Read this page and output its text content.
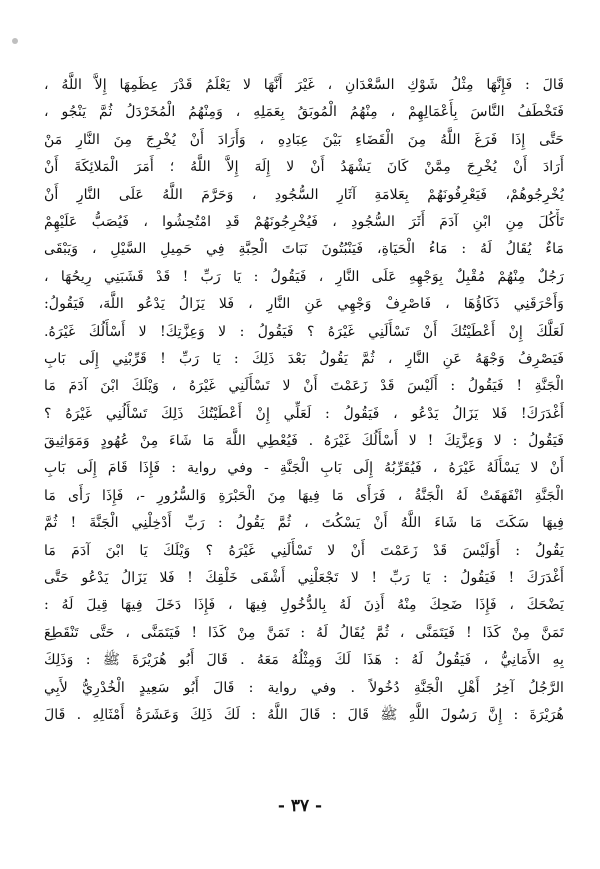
قَالَ : فَإِنَّهَا مِثْلُ شَوْكِ السَّعْدَانِ ، غَيْرَ أَنَّهَا لا يَعْلَمُ قَدْرَ عِظَمِهَا إِلاَّ اللَّهُ ،
فَتَخْطَفُ النَّاسَ بِأَعْمَالِهِمْ ، مِنْهُمُ الْمُوبَقُ بِعَمَلِهِ ، وَمِنْهُمُ الْمُخَرْدَلُ ثُمَّ يَنْجُو ،
حَتَّى إِذَا فَرَغَ اللَّهُ مِنَ الْقَضَاءِ بَيْنَ عِبَادِهِ ، وَأَرَادَ أَنْ يُخْرِجَ مِنَ النَّارِ مَنْ
أَرَادَ أَنْ يُخْرِجَ مِمَّنْ كَانَ يَشْهَدُ أَنْ لا إِلَهَ إِلاَّ اللَّهُ ؛ أَمَرَ الْمَلائِكَةَ أَنْ
يُخْرِجُوهُمْ، فَيَعْرِفُونَهُمْ بِعَلامَةِ آثَارِ السُّجُودِ ، وَحَرَّمَ اللَّهُ عَلَى النَّارِ أَنْ
تَأْكُلَ مِنِ ابْنِ آدَمَ أَثَرَ السُّجُودِ ، فَيُخْرِجُونَهُمْ قَدِ امْتُحِشُوا ، فَيُصَبُّ عَلَيْهِمْ
مَاءٌ يُقَالُ لَهُ : مَاءُ الْحَيَاةِ، فَيَنْبُتُونَ نَبَاتَ الْحِبَّةِ فِي حَمِيلِ السَّيْلِ ، وَيَبْقَى
رَجُلٌ مِنْهُمْ مُقْبِلٌ بِوَجْهِهِ عَلَى النَّارِ ، فَيَقُولُ : يَا رَبِّ ! قَدْ قَشَبَنِي رِيحُهَا ،
وَأَحْرَقَنِي ذَكَاؤُهَا ، فَاصْرِفْ وَجْهِي عَنِ النَّارِ ، فَلا يَزَالُ يَدْعُو اللَّهَ، فَيَقُولُ:
لَعَلَّكَ إِنْ أَعْطَيْتُكَ أَنْ تَسْأَلَنِي غَيْرَهُ ؟ فَيَقُولُ : لا وَعِزَّتِكَ! لا أَسْأَلُكَ غَيْرَهُ.
فَيَصْرِفُ وَجْهَهُ عَنِ النَّارِ ، ثُمَّ يَقُولُ بَعْدَ ذَلِكَ : يَا رَبِّ ! قَرِّبْنِي إِلَى بَابِ
الْجَنَّةِ ! فَيَقُولُ : أَلَيْسَ قَدْ زَعَمْتَ أَنْ لا تَسْأَلَنِي غَيْرَهُ ، وَيْلَكَ ابْنَ آدَمَ مَا
أَغْدَرَكَ! فَلا يَزَالُ يَدْعُو ، فَيَقُولُ : لَعَلِّي إِنْ أَعْطَيْتُكَ ذَلِكَ تَسْأَلُنِي غَيْرَهُ ؟
فَيَقُولُ : لا وَعِزَّتِكَ ! لا أَسْأَلُكَ غَيْرَهُ . فَيُعْطِي اللَّهَ مَا شَاءَ مِنْ عُهُودٍ وَمَوَاثِيقَ
أَنْ لا يَسْأَلَهُ غَيْرَهُ ، فَيُقَرِّبُهُ إِلَى بَابِ الْجَنَّةِ - وفي رواية : فَإِذَا قَامَ إِلَى بَابِ
الْجَنَّةِ انْفَهَقَتْ لَهُ الْجَنَّةُ ، فَرَأَى مَا فِيهَا مِنَ الْحَبْرَةِ وَالسُّرُورِ -، فَإِذَا رَأَى مَا
فِيهَا سَكَتَ مَا شَاءَ اللَّهُ أَنْ يَسْكُتَ ، ثُمَّ يَقُولُ : رَبِّ أَدْخِلْنِي الْجَنَّةَ ! ثُمَّ
يَقُولُ : أَوَلَيْسَ قَدْ زَعَمْتَ أَنْ لا تَسْأَلَنِي غَيْرَهُ ؟ وَيْلَكَ يَا ابْنَ آدَمَ مَا
أَغْدَرَكَ ! فَيَقُولُ : يَا رَبِّ ! لا تَجْعَلْنِي أَشْقَى خَلْقِكَ ! فَلا يَزَالُ يَدْعُو حَتَّى
يَضْحَكَ ، فَإِذَا ضَحِكَ مِنْهُ أَذِنَ لَهُ بِالدُّخُولِ فِيهَا ، فَإِذَا دَخَلَ فِيهَا قِيلَ لَهُ :
تَمَنَّ مِنْ كَذَا ! فَيَتَمَنَّى ، ثُمَّ يُقَالُ لَهُ : تَمَنَّ مِنْ كَذَا ! فَيَتَمَنَّى ، حَتَّى تَنْقَطِعَ
بِهِ الأَمَانِيُّ ، فَيَقُولُ لَهُ : هَذَا لَكَ وَمِثْلُهُ مَعَهُ . قَالَ أَبُو هُرَيْرَةَ ﷺ : وَذَلِكَ
الرَّجُلُ آخِرُ أَهْلِ الْجَنَّةِ دُخُولاً . وفي رواية : قَالَ أَبُو سَعِيدٍ الْخُدْرِيُّ لأَبِي
هُرَيْرَةَ : إِنَّ رَسُولَ اللَّهِ ﷺ قَالَ : قَالَ اللَّهُ : لَكَ ذَلِكَ وَعَشَرَةُ أَمْثَالِهِ . قَالَ
- ٣٧ -
